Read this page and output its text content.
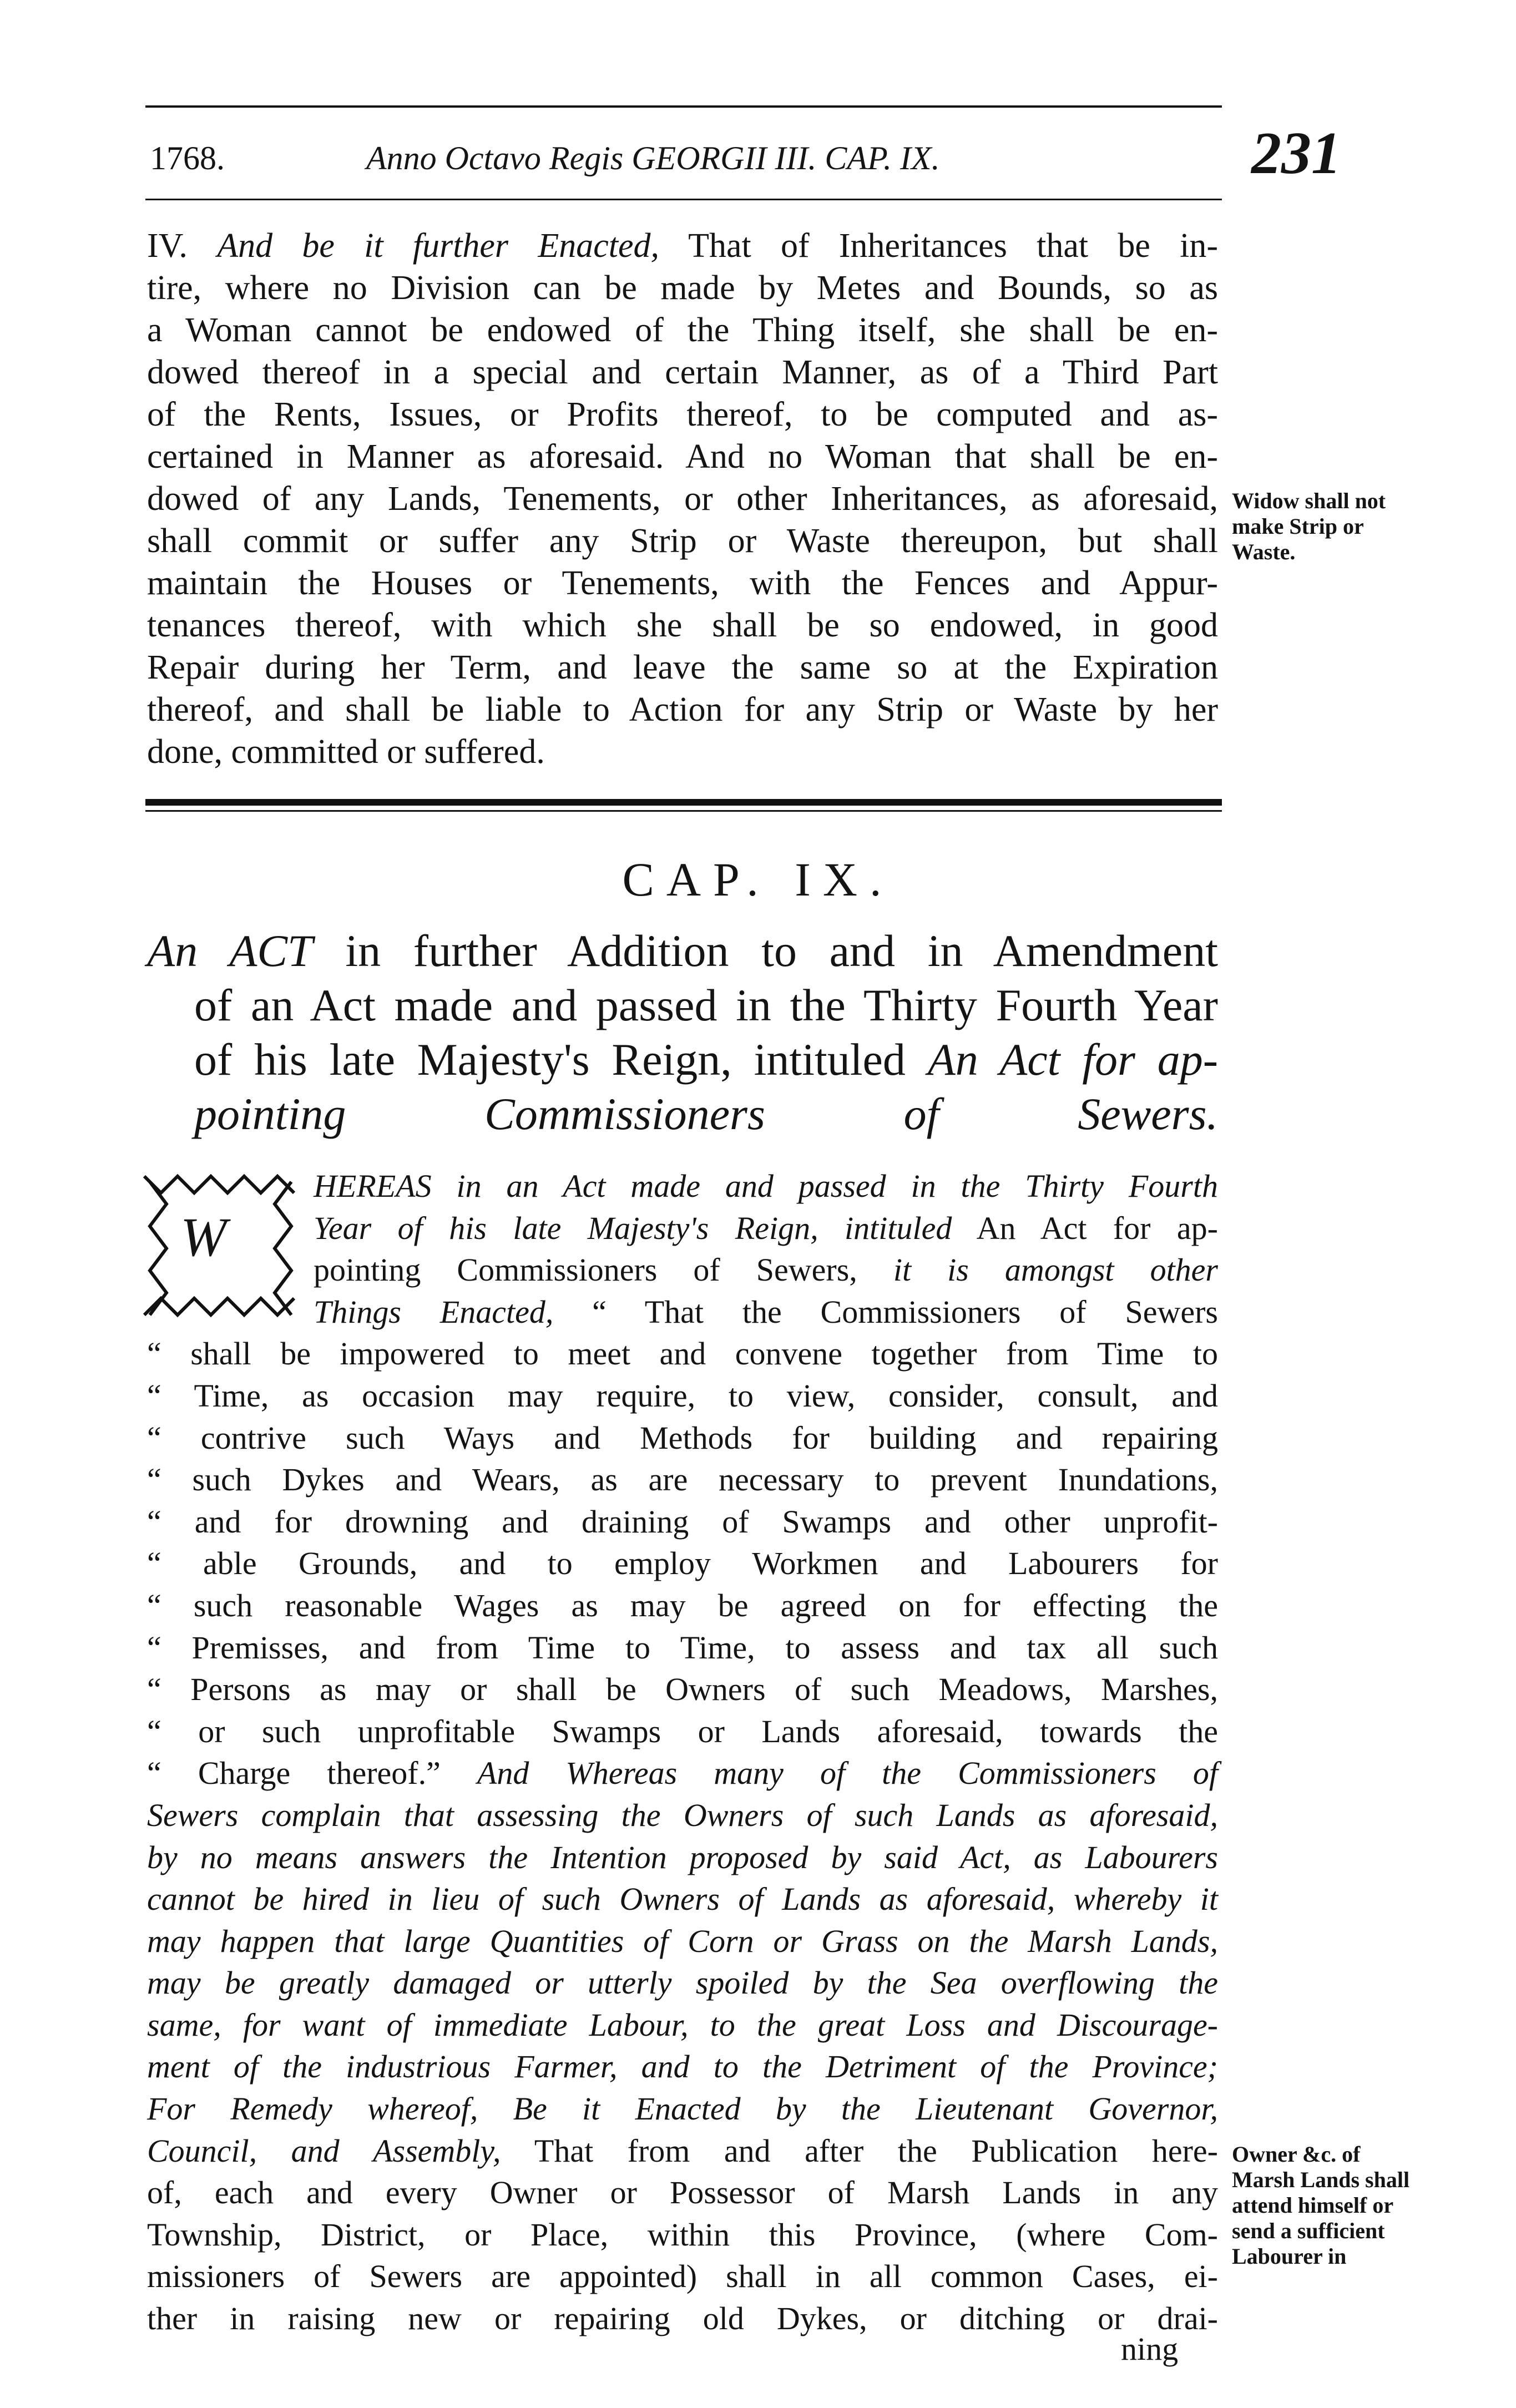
1768.	Anno Octavo Regis GEORGII III. CAP. IX.	231
IV. And be it further Enacted, That of Inheritances that be in-
tire, where no Division can be made by Metes and Bounds, so as
a Woman cannot be endowed of the Thing itself, she shall be en-
dowed thereof in a special and certain Manner, as of a Third Part
of the Rents, Issues, or Profits thereof, to be computed and as-
certained in Manner as aforesaid. And no Woman that shall be en-
dowed of any Lands, Tenements, or other Inheritances, as aforesaid,
shall commit or suffer any Strip or Waste thereupon, but shall
maintain the Houses or Tenements, with the Fences and Appur-
tenances thereof, with which she shall be so endowed, in good
Repair during her Term, and leave the same so at the Expiration
thereof, and shall be liable to Action for any Strip or Waste by her
done, committed or suffered.
Widow shall not
make Strip or
Waste.
CAP. IX.
An ACT in further Addition to and in Amendment
of an Act made and passed in the Thirty Fourth Year
of his late Majesty's Reign, intituled An Act for ap-
pointing Commissioners of Sewers.
W
HEREAS in an Act made and passed in the Thirty Fourth
Year of his late Majesty's Reign, intituled An Act for ap-
pointing Commissioners of Sewers, it is amongst other
Things Enacted, “ That the Commissioners of Sewers
“ shall be impowered to meet and convene together from Time to
“ Time, as occasion may require, to view, consider, consult, and
“ contrive such Ways and Methods for building and repairing
“ such Dykes and Wears, as are necessary to prevent Inundations,
“ and for drowning and draining of Swamps and other unprofit-
“ able Grounds, and to employ Workmen and Labourers for
“ such reasonable Wages as may be agreed on for effecting the
“ Premisses, and from Time to Time, to assess and tax all such
“ Persons as may or shall be Owners of such Meadows, Marshes,
“ or such unprofitable Swamps or Lands aforesaid, towards the
“ Charge thereof.” And Whereas many of the Commissioners of
Sewers complain that assessing the Owners of such Lands as aforesaid,
by no means answers the Intention proposed by said Act, as Labourers
cannot be hired in lieu of such Owners of Lands as aforesaid, whereby it
may happen that large Quantities of Corn or Grass on the Marsh Lands,
may be greatly damaged or utterly spoiled by the Sea overflowing the
same, for want of immediate Labour, to the great Loss and Discourage-
ment of the industrious Farmer, and to the Detriment of the Province;
For Remedy whereof, Be it Enacted by the Lieutenant Governor,
Council, and Assembly, That from and after the Publication here-
of, each and every Owner or Possessor of Marsh Lands in any
Township, District, or Place, within this Province, (where Com-
missioners of Sewers are appointed) shall in all common Cases, ei-
ther in raising new or repairing old Dykes, or ditching or drai-
Owner &c. of
Marsh Lands shall
attend himself or
send a sufficient
Labourer in
ning
